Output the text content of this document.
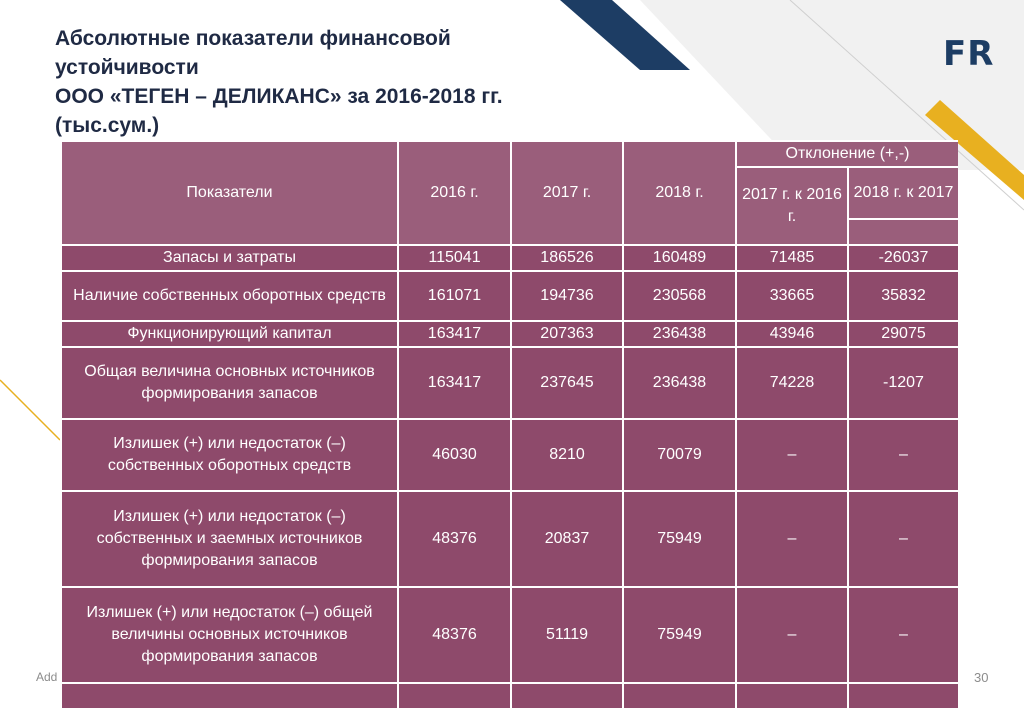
Абсолютные показатели финансовой
устойчивости
ООО «ТЕГЕН – ДЕЛИКАНС» за 2016-2018 гг.
(тыс.сум.)
FR
Add	30
Показатели	2016 г.	2017 г.	2018 г.	Отклонение (+,-)	
				2017 г. к 2016 г.	2018 г. к 2017

Запасы и затраты	115041	186526	160489	71485	-26037
Наличие собственных оборотных средств	161071	194736	230568	33665	35832
Функционирующий капитал	163417	207363	236438	43946	29075
Общая величина основных источников формирования запасов	163417	237645	236438	74228	-1207
Излишек (+) или недостаток (–) собственных оборотных средств	46030	8210	70079	–	–
Излишек (+) или недостаток (–) собственных и заемных источников формирования запасов	48376	20837	75949	–	–
Излишек (+) или недостаток (–) общей величины основных источников формирования запасов	48376	51119	75949	–	–
